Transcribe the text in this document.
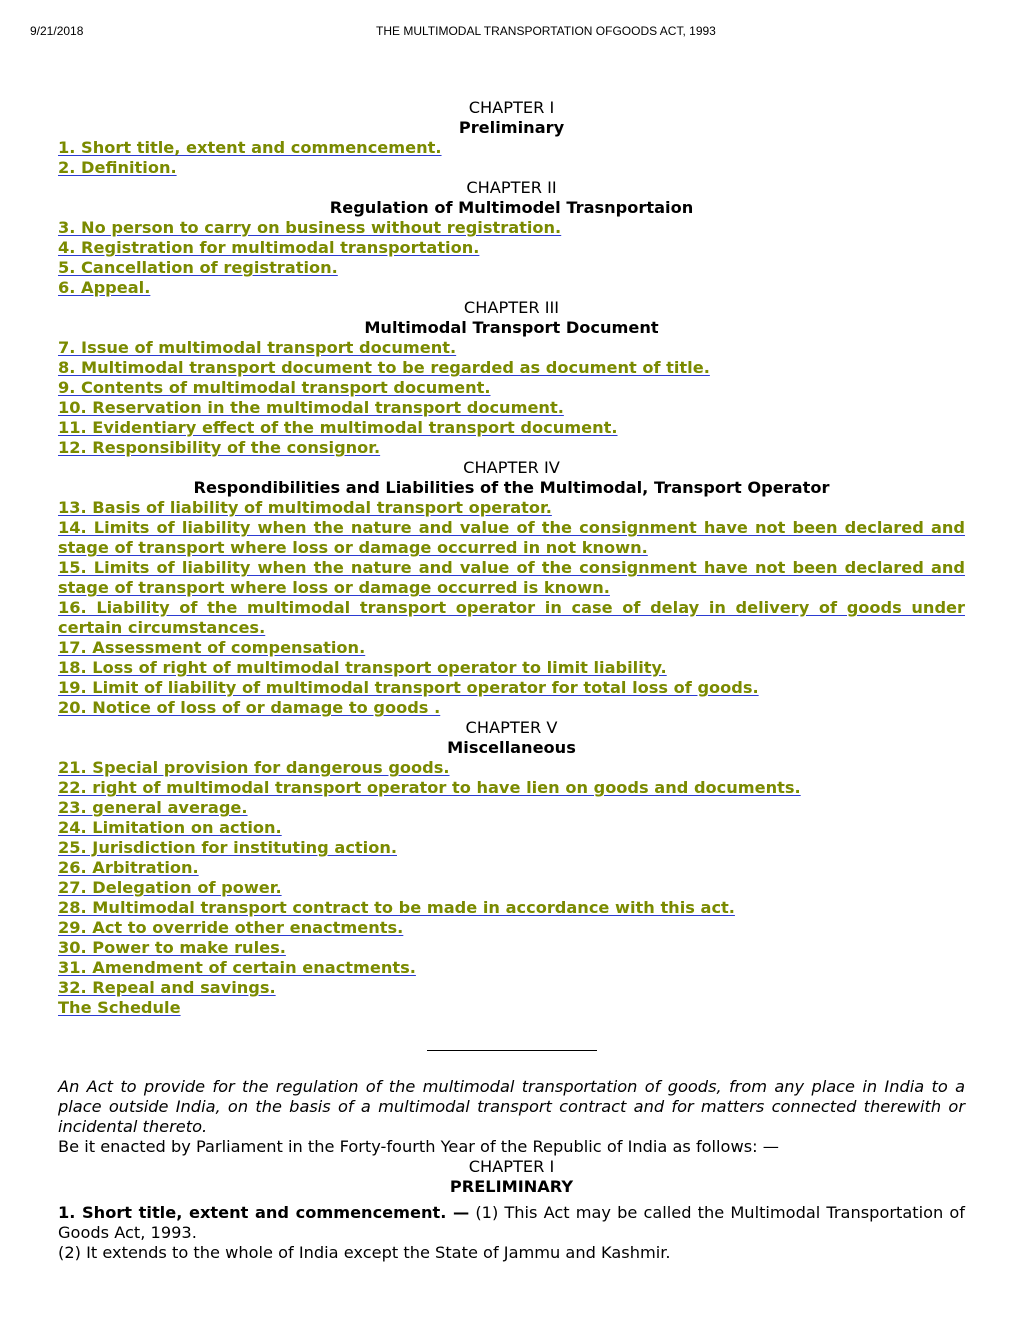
9/21/2018	THE MULTIMODAL TRANSPORTATION OFGOODS ACT, 1993
CHAPTER I
Preliminary
1. Short title, extent and commencement.
2. Definition.
CHAPTER II
Regulation of Multimodel Trasnportaion
3. No person to carry on business without registration.
4. Registration for multimodal transportation.
5. Cancellation of registration.
6. Appeal.
CHAPTER III
Multimodal Transport Document
7. Issue of multimodal transport document.
8. Multimodal transport document to be regarded as document of title.
9. Contents of multimodal transport document.
10. Reservation in the multimodal transport document.
11. Evidentiary effect of the multimodal transport document.
12. Responsibility of the consignor.
CHAPTER IV
Respondibilities and Liabilities of the Multimodal, Transport Operator
13. Basis of liability of multimodal transport operator.
14. Limits of liability when the nature and value of the consignment have not been declared and stage of transport where loss or damage occurred in not known.
15. Limits of liability when the nature and value of the consignment have not been declared and stage of transport where loss or damage occurred is known.
16. Liability of the multimodal transport operator in case of delay in delivery of goods under certain circumstances.
17. Assessment of compensation.
18. Loss of right of multimodal transport operator to limit liability.
19. Limit of liability of multimodal transport operator for total loss of goods.
20. Notice of loss of or damage to goods .
CHAPTER V
Miscellaneous
21. Special provision for dangerous goods.
22. right of multimodal transport operator to have lien on goods and documents.
23. general average.
24. Limitation on action.
25. Jurisdiction for instituting action.
26. Arbitration.
27. Delegation of power.
28. Multimodal transport contract to be made in accordance with this act.
29. Act to override other enactments.
30. Power to make rules.
31. Amendment of certain enactments.
32. Repeal and savings.
The Schedule
An Act to provide for the regulation of the multimodal transportation of goods, from any place in India to a place outside India, on the basis of a multimodal transport contract and for matters connected therewith or incidental thereto.
Be it enacted by Parliament in the Forty-fourth Year of the Republic of India as follows: —
CHAPTER I
PRELIMINARY
1. Short title, extent and commencement. — (1) This Act may be called the Multimodal Transportation of Goods Act, 1993.
(2) It extends to the whole of India except the State of Jammu and Kashmir.
